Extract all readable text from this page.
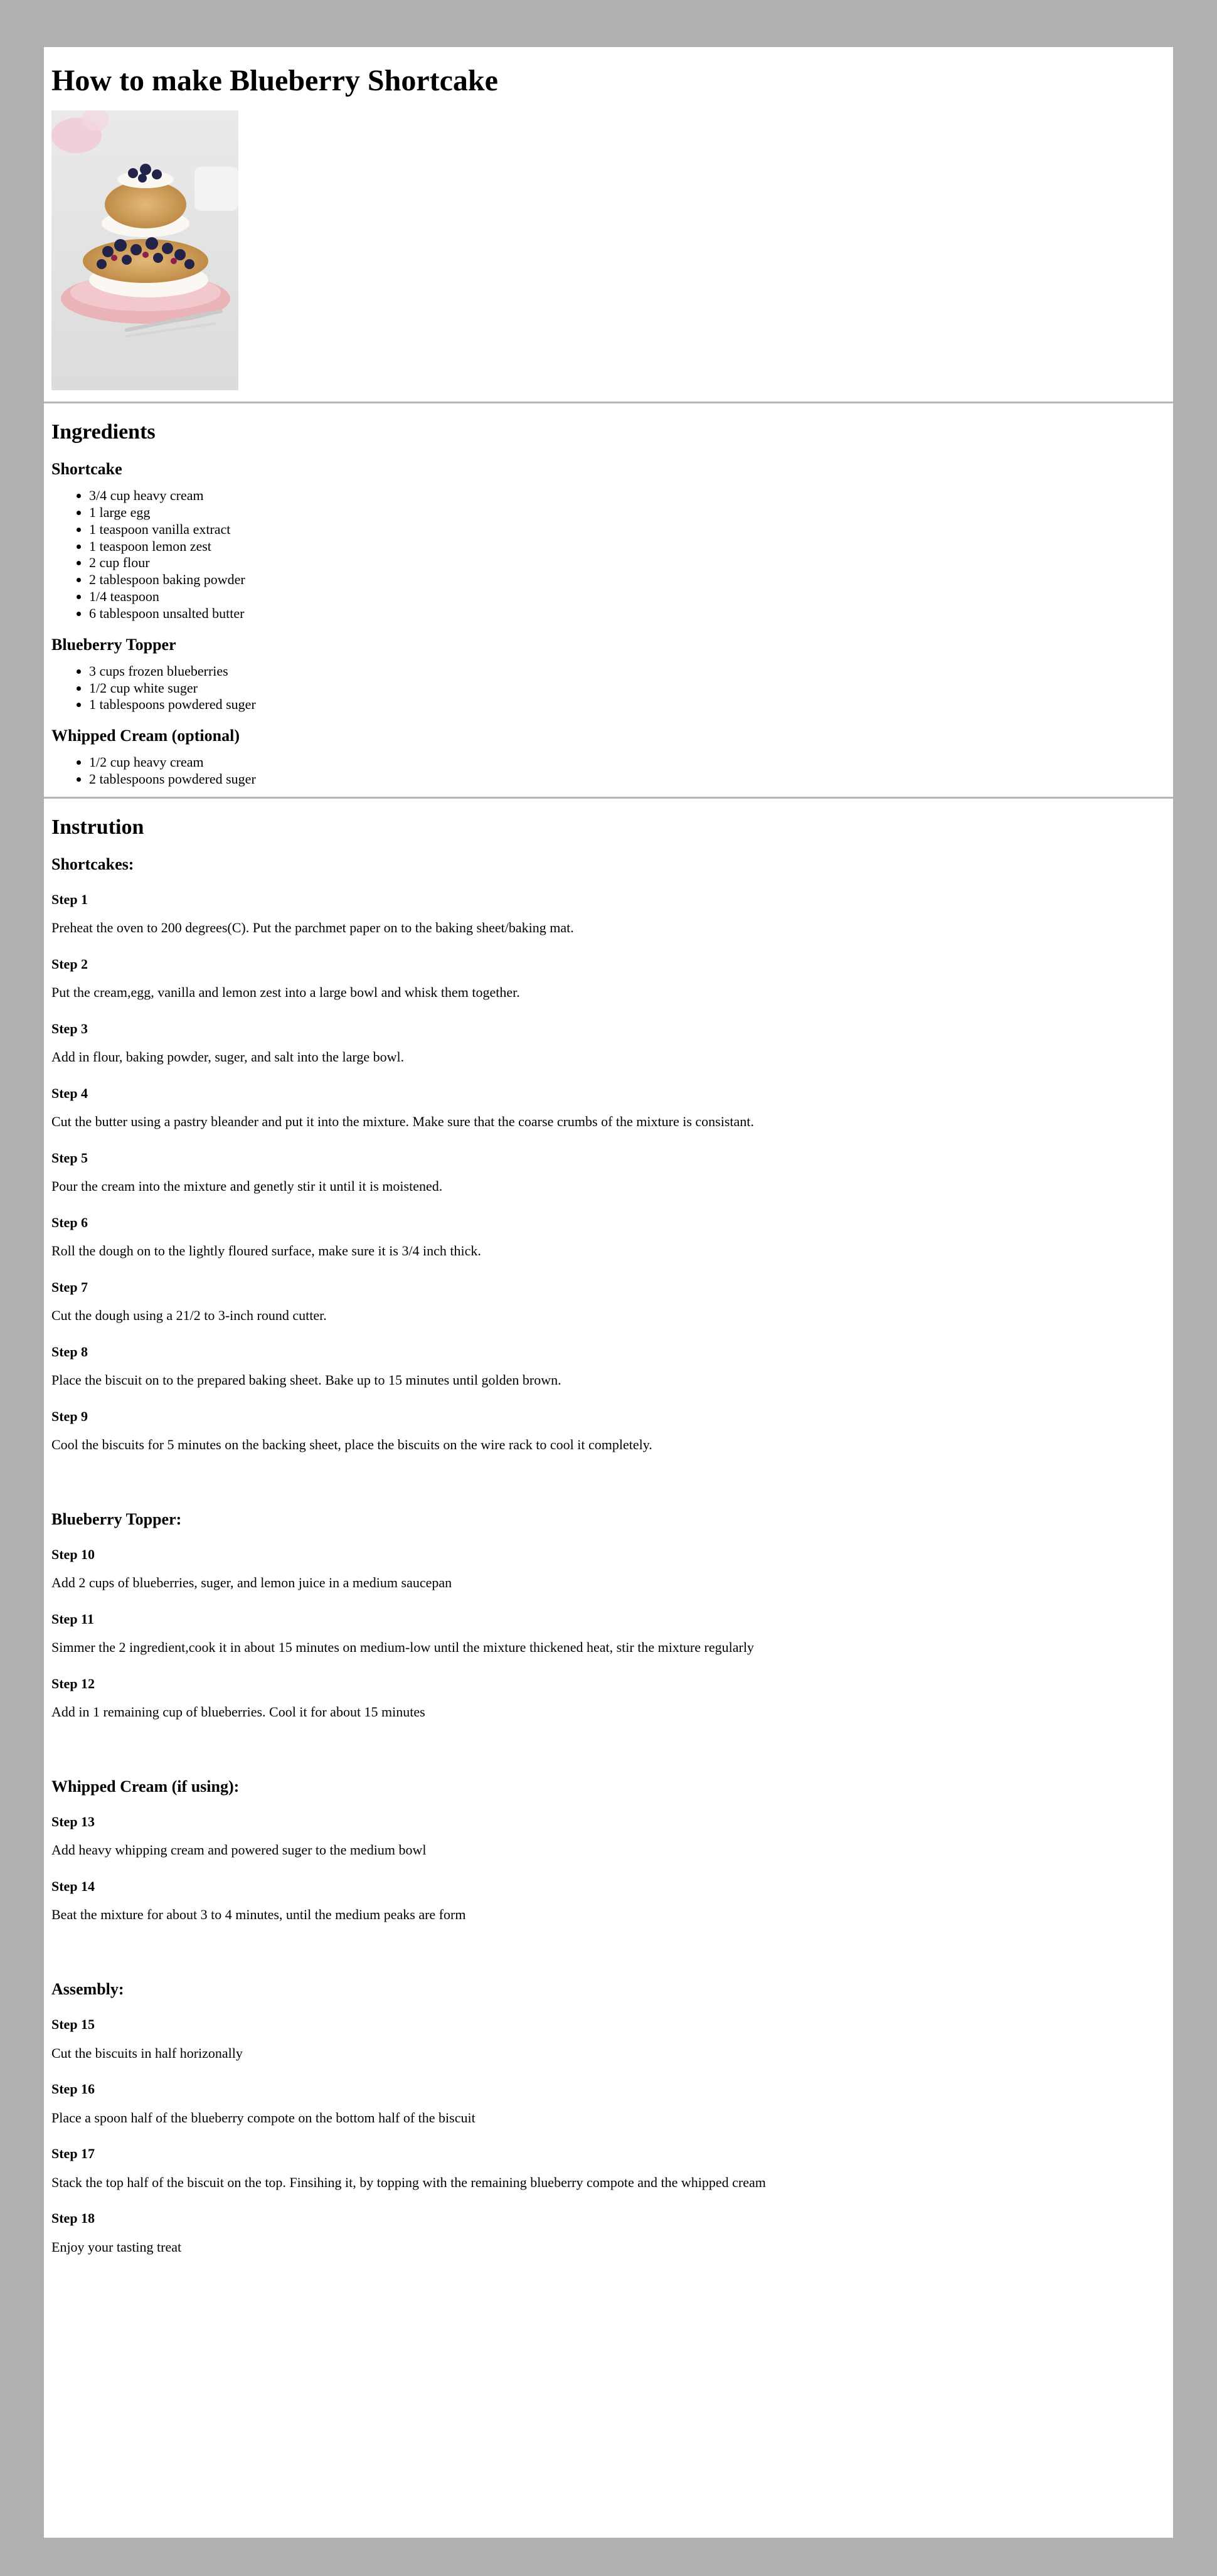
How to make Blueberry Shortcake
Ingredients
Shortcake
• 3/4 cup heavy cream
• 1 large egg
• 1 teaspoon vanilla extract
• 1 teaspoon lemon zest
• 2 cup flour
• 2 tablespoon baking powder
• 1/4 teaspoon
• 6 tablespoon unsalted butter
Blueberry Topper
• 3 cups frozen blueberries
• 1/2 cup white suger
• 1 tablespoons powdered suger
Whipped Cream (optional)
• 1/2 cup heavy cream
• 2 tablespoons powdered suger
Instrution
Shortcakes:
Step 1

Preheat the oven to 200 degrees(C). Put the parchmet paper on to the baking sheet/baking mat.

Step 2

Put the cream,egg, vanilla and lemon zest into a large bowl and whisk them together.

Step 3

Add in flour, baking powder, suger, and salt into the large bowl.

Step 4

Cut the butter using a pastry bleander and put it into the mixture. Make sure that the coarse crumbs of the mixture is consistant.

Step 5

Pour the cream into the mixture and genetly stir it until it is moistened.

Step 6

Roll the dough on to the lightly floured surface, make sure it is 3/4 inch thick.

Step 7

Cut the dough using a 21/2 to 3-inch round cutter.

Step 8

Place the biscuit on to the prepared baking sheet. Bake up to 15 minutes until golden brown.

Step 9

Cool the biscuits for 5 minutes on the backing sheet, place the biscuits on the wire rack to cool it completely.

Blueberry Topper:
Step 10

Add 2 cups of blueberries, suger, and lemon juice in a medium saucepan

Step 11

Simmer the 2 ingredient,cook it in about 15 minutes on medium-low until the mixture thickened heat, stir the mixture regularly

Step 12

Add in 1 remaining cup of blueberries. Cool it for about 15 minutes

Whipped Cream (if using):
Step 13

Add heavy whipping cream and powered suger to the medium bowl

Step 14

Beat the mixture for about 3 to 4 minutes, until the medium peaks are form

Assembly:
Step 15

Cut the biscuits in half horizonally

Step 16

Place a spoon half of the blueberry compote on the bottom half of the biscuit

Step 17

Stack the top half of the biscuit on the top. Finsihing it, by topping with the remaining blueberry compote and the whipped cream

Step 18

Enjoy your tasting treat
